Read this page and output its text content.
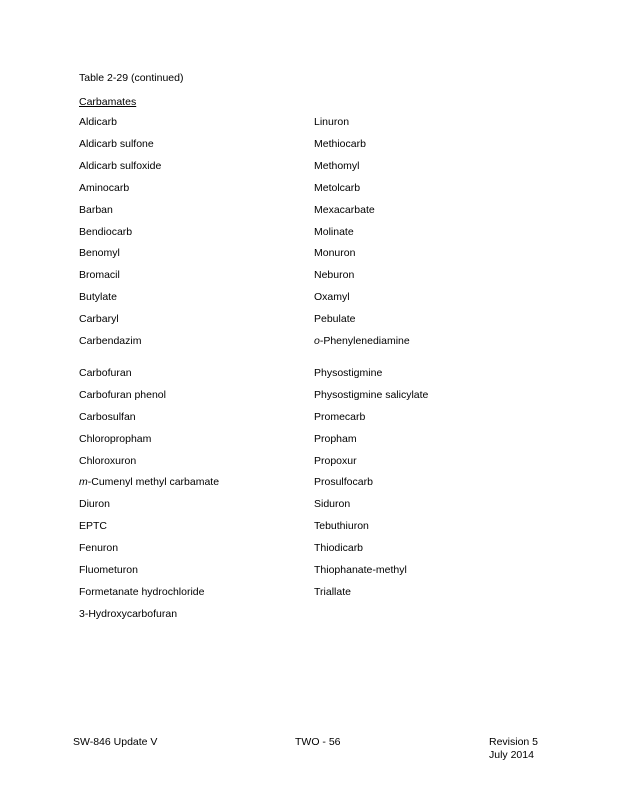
Table 2-29 (continued)
Carbamates
Aldicarb
Aldicarb sulfone
Aldicarb sulfoxide
Aminocarb
Barban
Bendiocarb
Benomyl
Bromacil
Butylate
Carbaryl
Carbendazim
Carbofuran
Carbofuran phenol
Carbosulfan
Chloropropham
Chloroxuron
m-Cumenyl methyl carbamate
Diuron
EPTC
Fenuron
Fluometuron
Formetanate hydrochloride
3-Hydroxycarbofuran
Linuron
Methiocarb
Methomyl
Metolcarb
Mexacarbate
Molinate
Monuron
Neburon
Oxamyl
Pebulate
o-Phenylenediamine
Physostigmine
Physostigmine salicylate
Promecarb
Propham
Propoxur
Prosulfocarb
Siduron
Tebuthiuron
Thiodicarb
Thiophanate-methyl
Triallate
SW-846 Update V	TWO - 56	Revision 5
July 2014
